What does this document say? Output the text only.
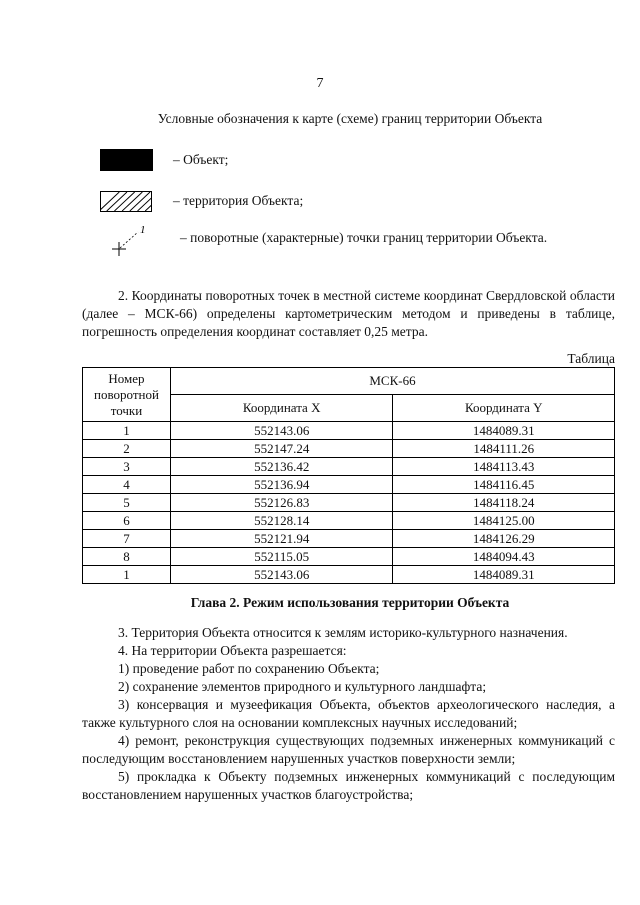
7
Условные обозначения к карте (схеме) границ территории Объекта
– Объект;
– территория Объекта;
1	– поворотные (характерные) точки границ территории Объекта.
2. Координаты поворотных точек в местной системе координат Свердловской области (далее – МСК-66) определены картометрическим методом и приведены в таблице, погрешность определения координат составляет 0,25 метра.
Таблица
Номер поворотной точки	МСК-66	
	Координата X	Координата Y
1	552143.06	1484089.31
2	552147.24	1484111.26
3	552136.42	1484113.43
4	552136.94	1484116.45
5	552126.83	1484118.24
6	552128.14	1484125.00
7	552121.94	1484126.29
8	552115.05	1484094.43
1	552143.06	1484089.31
Глава 2. Режим использования территории Объекта

3. Территория Объекта относится к землям историко-культурного назначения.

4. На территории Объекта разрешается:

1) проведение работ по сохранению Объекта;

2) сохранение элементов природного и культурного ландшафта;

3) консервация и музеефикация Объекта, объектов археологического наследия, а также культурного слоя на основании комплексных научных исследований;

4) ремонт, реконструкция существующих подземных инженерных коммуникаций с последующим восстановлением нарушенных участков поверхности земли;

5) прокладка к Объекту подземных инженерных коммуникаций с последующим восстановлением нарушенных участков благоустройства;
